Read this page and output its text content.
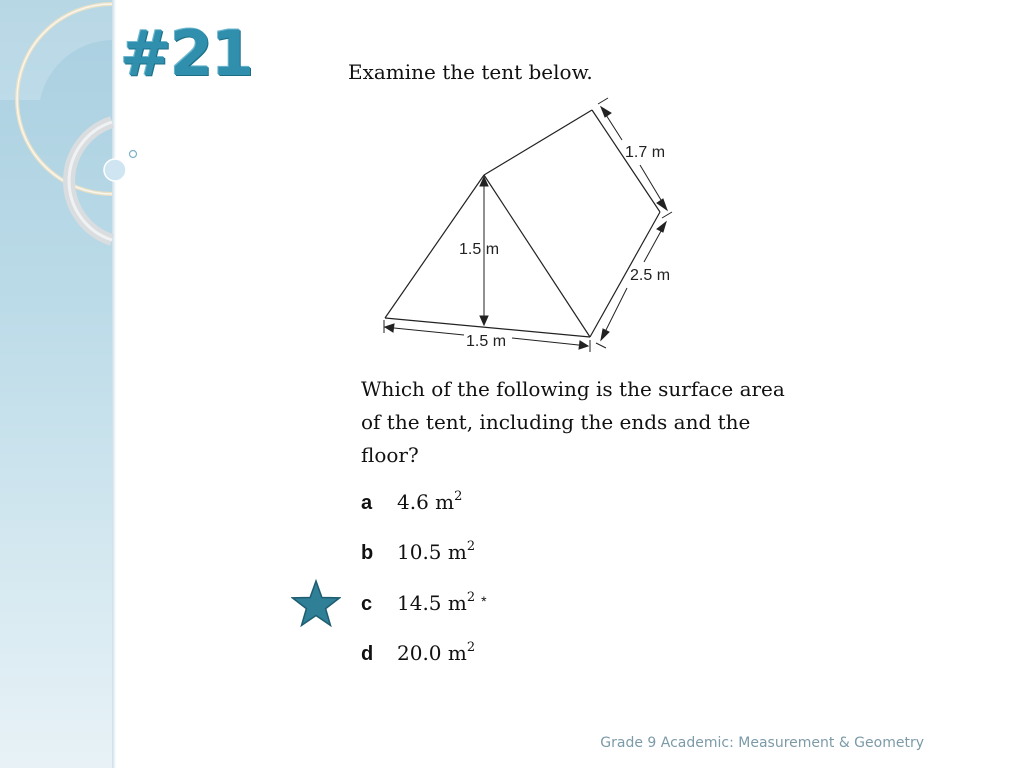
#21	Examine the tent below.

1.7 m
1.5 m
2.5 m
1.5 m

Which of the following is the surface area of the tent, including the ends and the floor?

a 4.6 $m^2$
b 10.5 $m^2$
c 14.5 $m^2$ *
d 20.0 $m^2$
Grade 9 Academic: Measurement & Geometry
